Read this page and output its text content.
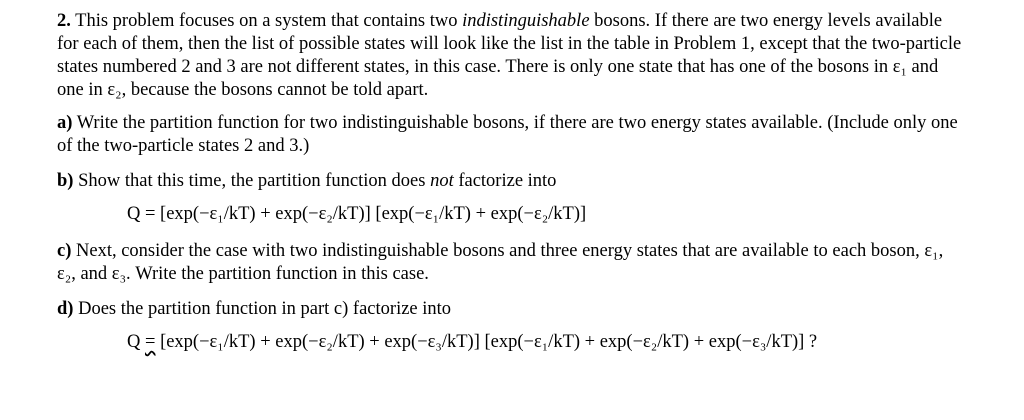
2. This problem focuses on a system that contains two indistinguishable bosons. If there are two energy levels available for each of them, then the list of possible states will look like the list in the table in Problem 1, except that the two-particle states numbered 2 and 3 are not different states, in this case. There is only one state that has one of the bosons in ε₁ and one in ε₂, because the bosons cannot be told apart.

a) Write the partition function for two indistinguishable bosons, if there are two energy states available. (Include only one of the two-particle states 2 and 3.)

b) Show that this time, the partition function does not factorize into

Q = [exp(−ε₁/kT) + exp(−ε₂/kT)] [exp(−ε₁/kT) + exp(−ε₂/kT)]

c) Next, consider the case with two indistinguishable bosons and three energy states that are available to each boson, ε₁, ε₂, and ε₃. Write the partition function in this case.

d) Does the partition function in part c) factorize into

Q = [exp(−ε₁/kT) + exp(−ε₂/kT) + exp(−ε₃/kT)] [exp(−ε₁/kT) + exp(−ε₂/kT) + exp(−ε₃/kT)] ?
